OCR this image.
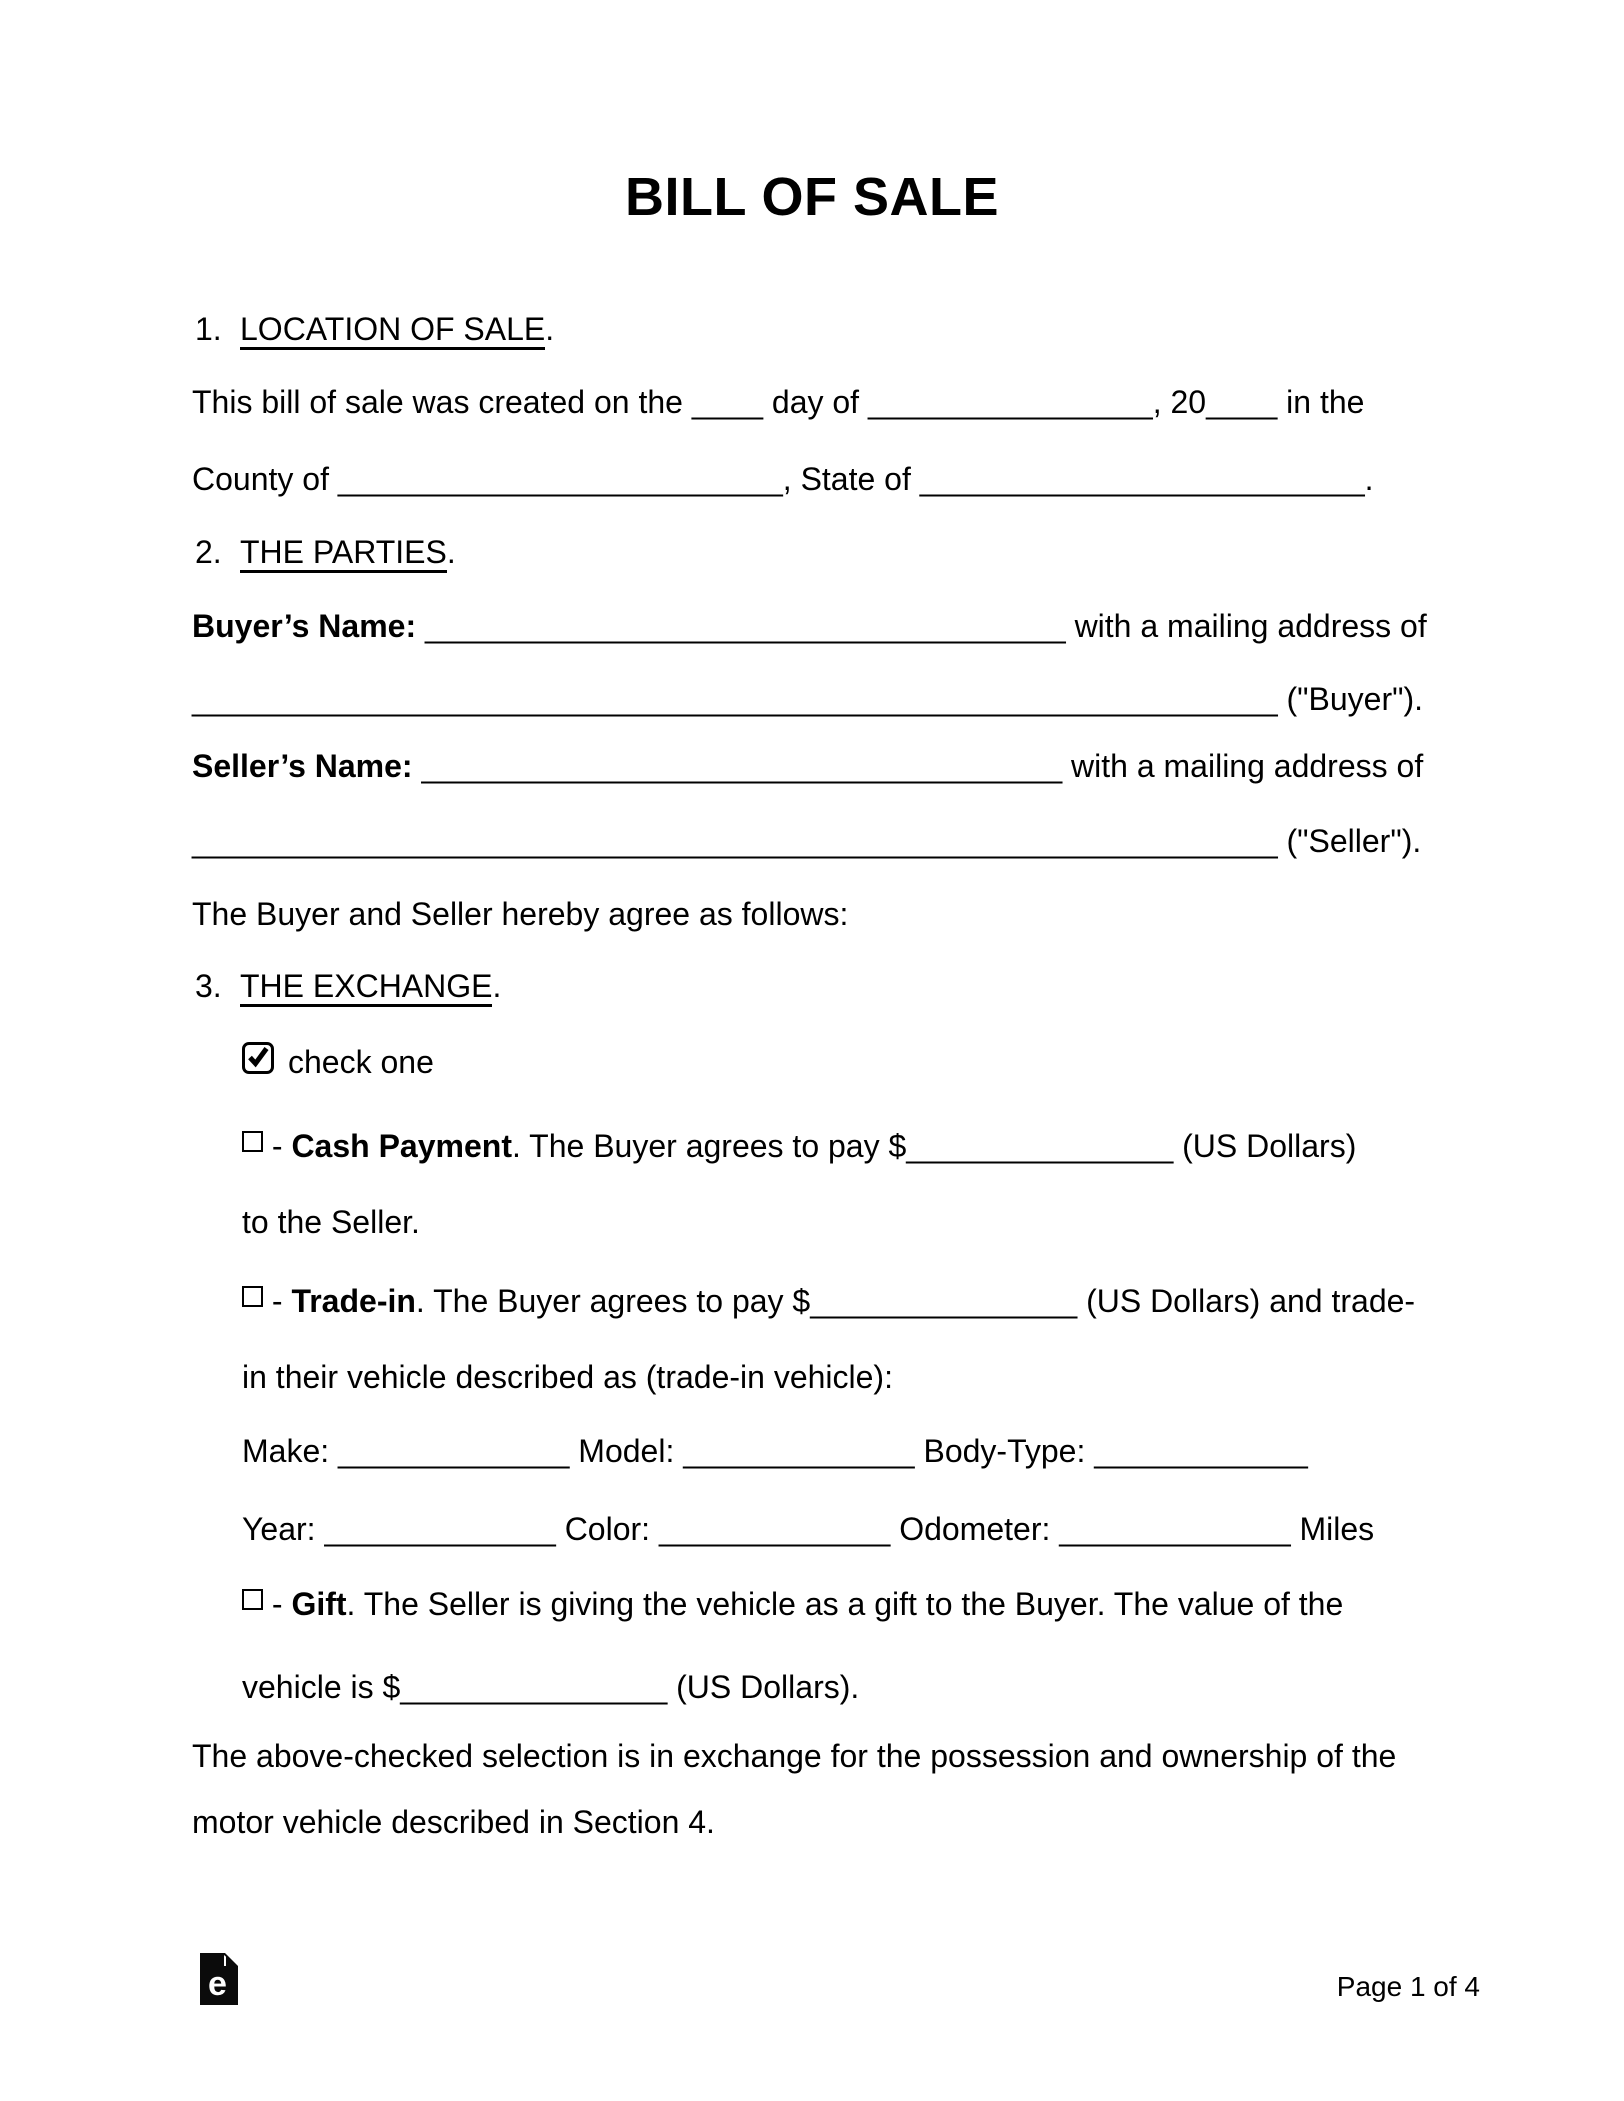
BILL OF SALE
1. LOCATION OF SALE.
This bill of sale was created on the ____ day of ________________, 20____ in the
County of _________________________, State of _________________________.
2. THE PARTIES.
Buyer’s Name: ____________________________________ with a mailing address of
_____________________________________________________________ ("Buyer").
Seller’s Name: ____________________________________ with a mailing address of
_____________________________________________________________ ("Seller").
The Buyer and Seller hereby agree as follows:
3. THE EXCHANGE.
check one
- Cash Payment. The Buyer agrees to pay $_______________ (US Dollars)
to the Seller.
- Trade-in. The Buyer agrees to pay $_______________ (US Dollars) and trade-
in their vehicle described as (trade-in vehicle):
Make: _____________ Model: _____________ Body-Type: ____________
Year: _____________ Color: _____________ Odometer: _____________ Miles
- Gift. The Seller is giving the vehicle as a gift to the Buyer. The value of the
vehicle is $_______________ (US Dollars).
The above-checked selection is in exchange for the possession and ownership of the
motor vehicle described in Section 4.
e	Page 1 of 4
